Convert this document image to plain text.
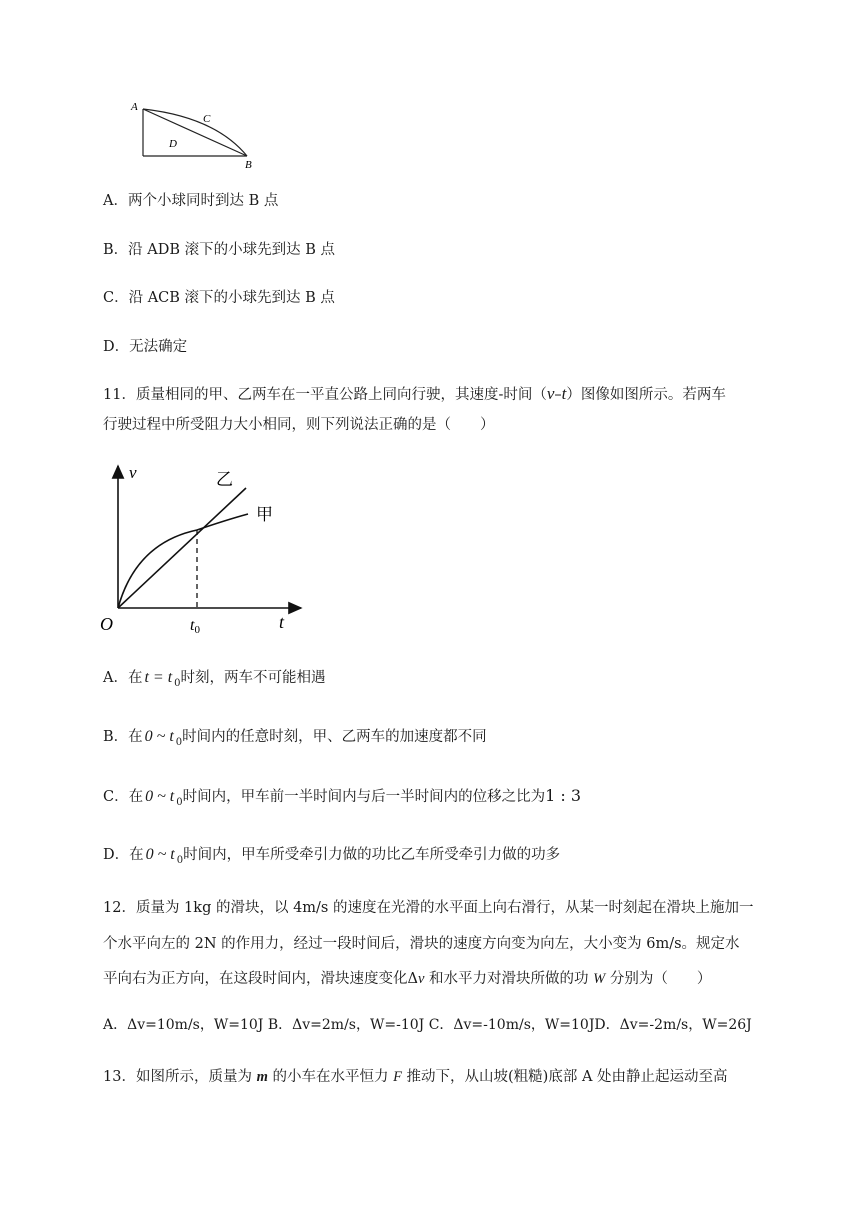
A
C
D
B
A．两个小球同时到达 B 点
B．沿 ADB 滚下的小球先到达 B 点
C．沿 ACB 滚下的小球先到达 B 点
D．无法确定
11．质量相同的甲、乙两车在一平直公路上同向行驶，其速度-时间（v–t）图像如图所示。若两车
行驶过程中所受阻力大小相同，则下列说法正确的是（　　）
v	乙
甲
O	t0	t
A．在 t = t $_0$时刻，两车不可能相遇
B．在 0 ~ t $_0$时间内的任意时刻，甲、乙两车的加速度都不同
C．在 0 ~ t $_0$时间内，甲车前一半时间内与后一半时间内的位移之比为1 : 3
D．在 0 ~ t $_0$时间内，甲车所受牵引力做的功比乙车所受牵引力做的功多
12．质量为 1kg 的滑块，以 4m/s 的速度在光滑的水平面上向右滑行，从某一时刻起在滑块上施加一
个水平向左的 2N 的作用力，经过一段时间后，滑块的速度方向变为向左，大小变为 6m/s。规定水
平向右为正方向，在这段时间内，滑块速度变化Δv 和水平力对滑块所做的功 W 分别为（　　）
A．Δv=10m/s，W=10J B．Δv=2m/s，W=-10J C．Δv=-10m/s，W=10JD．Δv=-2m/s，W=26J
13．如图所示，质量为 m 的小车在水平恒力 F 推动下，从山坡(粗糙)底部 A 处由静止起运动至高
